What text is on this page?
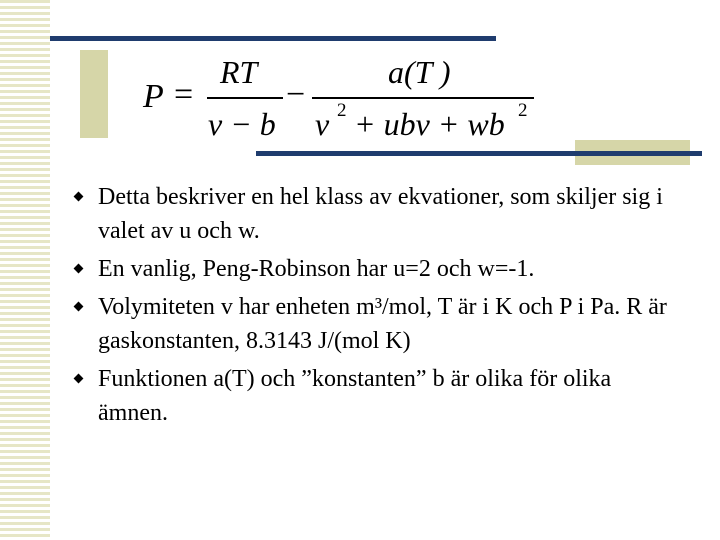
P =
RT
v − b
−
a(T )
v 2 + ubv + wb 2
Detta beskriver en hel klass av ekvationer, som skiljer sig i valet av u och w.
En vanlig, Peng-Robinson har u=2 och w=-1.
Volymiteten v har enheten m³/mol, T är i K och P i Pa. R är gaskonstanten, 8.3143 J/(mol K)
Funktionen a(T) och ”konstanten” b är olika för olika ämnen.
